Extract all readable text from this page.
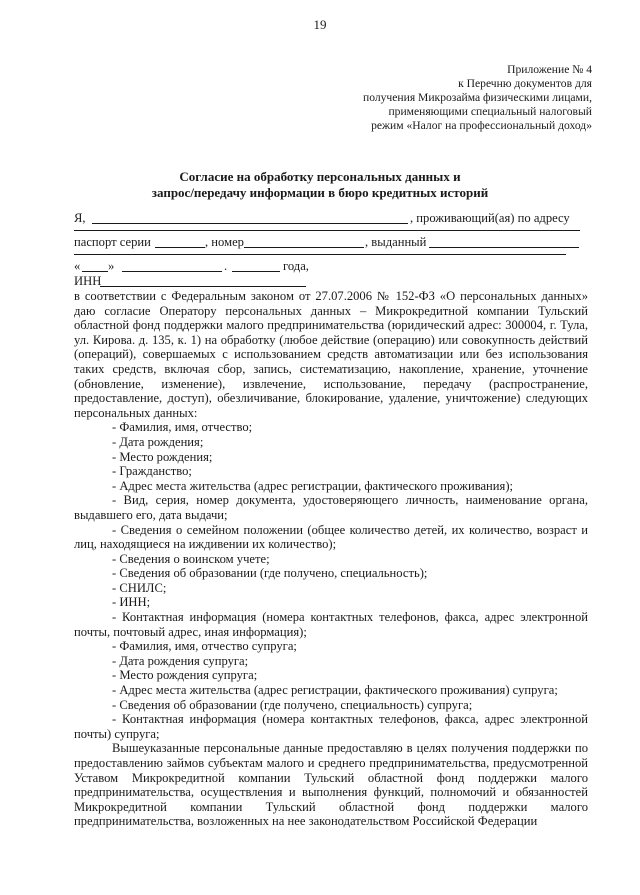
19
Приложение № 4
к Перечню документов для
получения Микрозайма физическими лицами,
применяющими специальный налоговый
режим «Налог на профессиональный доход»
Согласие на обработку персональных данных и
запрос/передачу информации в бюро кредитных историй
Я,	, проживающий(ая) по адресу
паспорт серии	, номер	, выданный
« »	.	года,
ИНН
в соответствии с Федеральным законом от 27.07.2006 № 152-ФЗ «О персональных данных» даю согласие Оператору персональных данных – Микрокредитной компании Тульский областной фонд поддержки малого предпринимательства (юридический адрес: 300004, г. Тула, ул. Кирова. д. 135, к. 1) на обработку (любое действие (операцию) или совокупность действий (операций), совершаемых с использованием средств автоматизации или без использования таких средств, включая сбор, запись, систематизацию, накопление, хранение, уточнение (обновление, изменение), извлечение, использование, передачу (распространение, предоставление, доступ), обезличивание, блокирование, удаление, уничтожение) следующих персональных данных:
- Фамилия, имя, отчество;
- Дата рождения;
- Место рождения;
- Гражданство;
- Адрес места жительства (адрес регистрации, фактического проживания);
- Вид, серия, номер документа, удостоверяющего личность, наименование органа, выдавшего его, дата выдачи;
- Сведения о семейном положении (общее количество детей, их количество, возраст и лиц, находящиеся на иждивении их количество);
- Сведения о воинском учете;
- Сведения об образовании (где получено, специальность);
- СНИЛС;
- ИНН;
- Контактная информация (номера контактных телефонов, факса, адрес электронной почты, почтовый адрес, иная информация);
- Фамилия, имя, отчество супруга;
- Дата рождения супруга;
- Место рождения супруга;
- Адрес места жительства (адрес регистрации, фактического проживания) супруга;
- Сведения об образовании (где получено, специальность) супруга;
- Контактная информация (номера контактных телефонов, факса, адрес электронной почты) супруга;
Вышеуказанные персональные данные предоставляю в целях получения поддержки по предоставлению займов субъектам малого и среднего предпринимательства, предусмотренной Уставом Микрокредитной компании Тульский областной фонд поддержки малого предпринимательства, осуществления и выполнения функций, полномочий и обязанностей Микрокредитной компании Тульский областной фонд поддержки малого предпринимательства, возложенных на нее законодательством Российской Федерации
